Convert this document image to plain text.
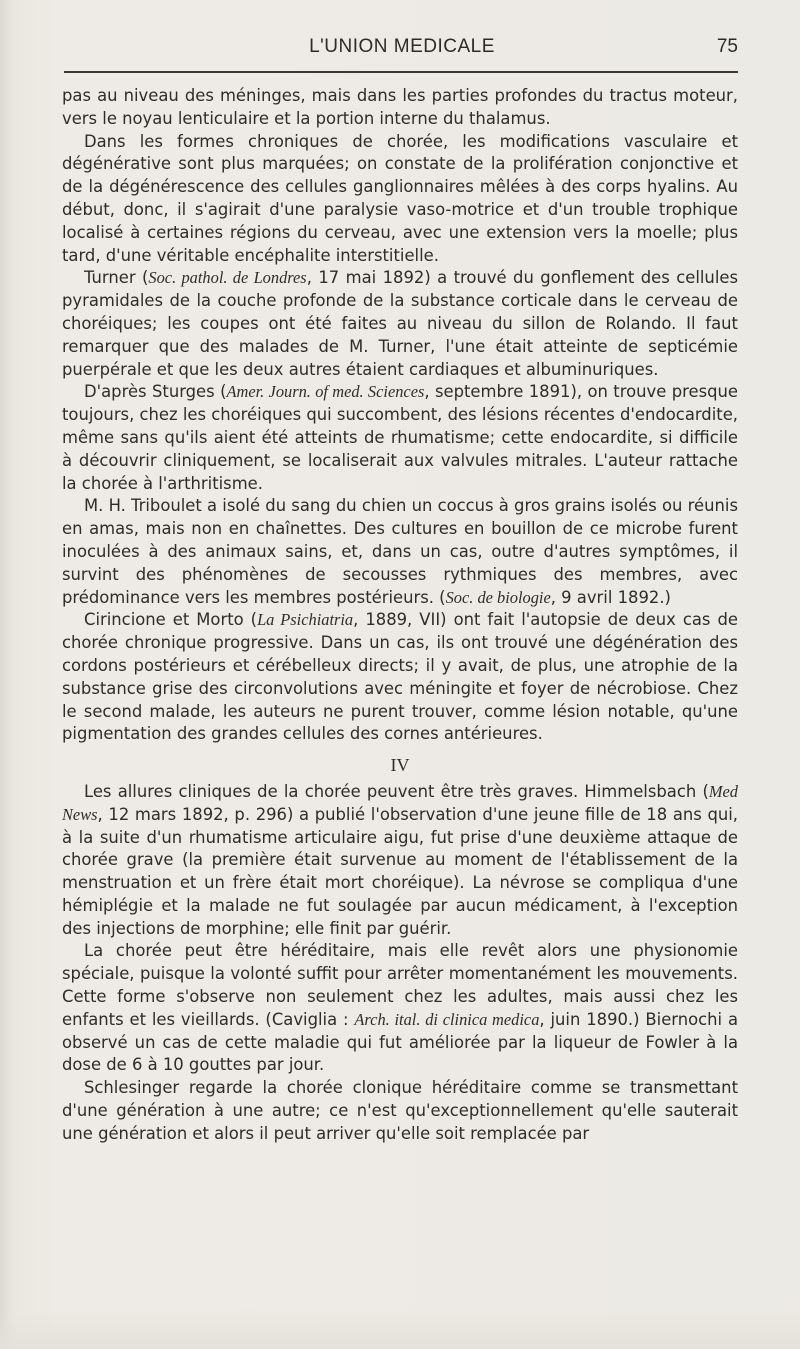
L'UNION MEDICALE	75

pas au niveau des méninges, mais dans les parties profondes du tractus moteur, vers le noyau lenticulaire et la portion interne du thalamus.

Dans les formes chroniques de chorée, les modifications vasculaire et dégénérative sont plus marquées; on constate de la prolifération conjonctive et de la dégénérescence des cellules ganglionnaires mêlées à des corps hyalins. Au début, donc, il s'agirait d'une paralysie vaso-motrice et d'un trouble trophique localisé à certaines régions du cerveau, avec une extension vers la moelle; plus tard, d'une véritable encéphalite interstitielle.

Turner (Soc. pathol. de Londres, 17 mai 1892) a trouvé du gonflement des cellules pyramidales de la couche profonde de la substance corticale dans le cerveau de choréiques; les coupes ont été faites au niveau du sillon de Rolando. Il faut remarquer que des malades de M. Turner, l'une était atteinte de septicémie puerpérale et que les deux autres étaient cardiaques et albuminuriques.

D'après Sturges (Amer. Journ. of med. Sciences, septembre 1891), on trouve presque toujours, chez les choréiques qui succombent, des lésions récentes d'endocardite, même sans qu'ils aient été atteints de rhumatisme; cette endocardite, si difficile à découvrir cliniquement, se localiserait aux valvules mitrales. L'auteur rattache la chorée à l'arthritisme.

M. H. Triboulet a isolé du sang du chien un coccus à gros grains isolés ou réunis en amas, mais non en chaînettes. Des cultures en bouillon de ce microbe furent inoculées à des animaux sains, et, dans un cas, outre d'autres symptômes, il survint des phénomènes de secousses rythmiques des membres, avec prédominance vers les membres postérieurs. (Soc. de biologie, 9 avril 1892.)

Cirincione et Morto (La Psichiatria, 1889, VII) ont fait l'autopsie de deux cas de chorée chronique progressive. Dans un cas, ils ont trouvé une dégénération des cordons postérieurs et cérébelleux directs; il y avait, de plus, une atrophie de la substance grise des circonvolutions avec méningite et foyer de nécrobiose. Chez le second malade, les auteurs ne purent trouver, comme lésion notable, qu'une pigmentation des grandes cellules des cornes antérieures.

IV

Les allures cliniques de la chorée peuvent être très graves. Himmelsbach (Med News, 12 mars 1892, p. 296) a publié l'observation d'une jeune fille de 18 ans qui, à la suite d'un rhumatisme articulaire aigu, fut prise d'une deuxième attaque de chorée grave (la première était survenue au moment de l'établissement de la menstruation et un frère était mort choréique). La névrose se compliqua d'une hémiplégie et la malade ne fut soulagée par aucun médicament, à l'exception des injections de morphine; elle finit par guérir.

La chorée peut être héréditaire, mais elle revêt alors une physionomie spéciale, puisque la volonté suffit pour arrêter momentanément les mouvements. Cette forme s'observe non seulement chez les adultes, mais aussi chez les enfants et les vieillards. (Caviglia : Arch. ital. di clinica medica, juin 1890.) Biernochi a observé un cas de cette maladie qui fut améliorée par la liqueur de Fowler à la dose de 6 à 10 gouttes par jour.

Schlesinger regarde la chorée clonique héréditaire comme se transmettant d'une génération à une autre; ce n'est qu'exceptionnellement qu'elle sauterait une génération et alors il peut arriver qu'elle soit remplacée par
